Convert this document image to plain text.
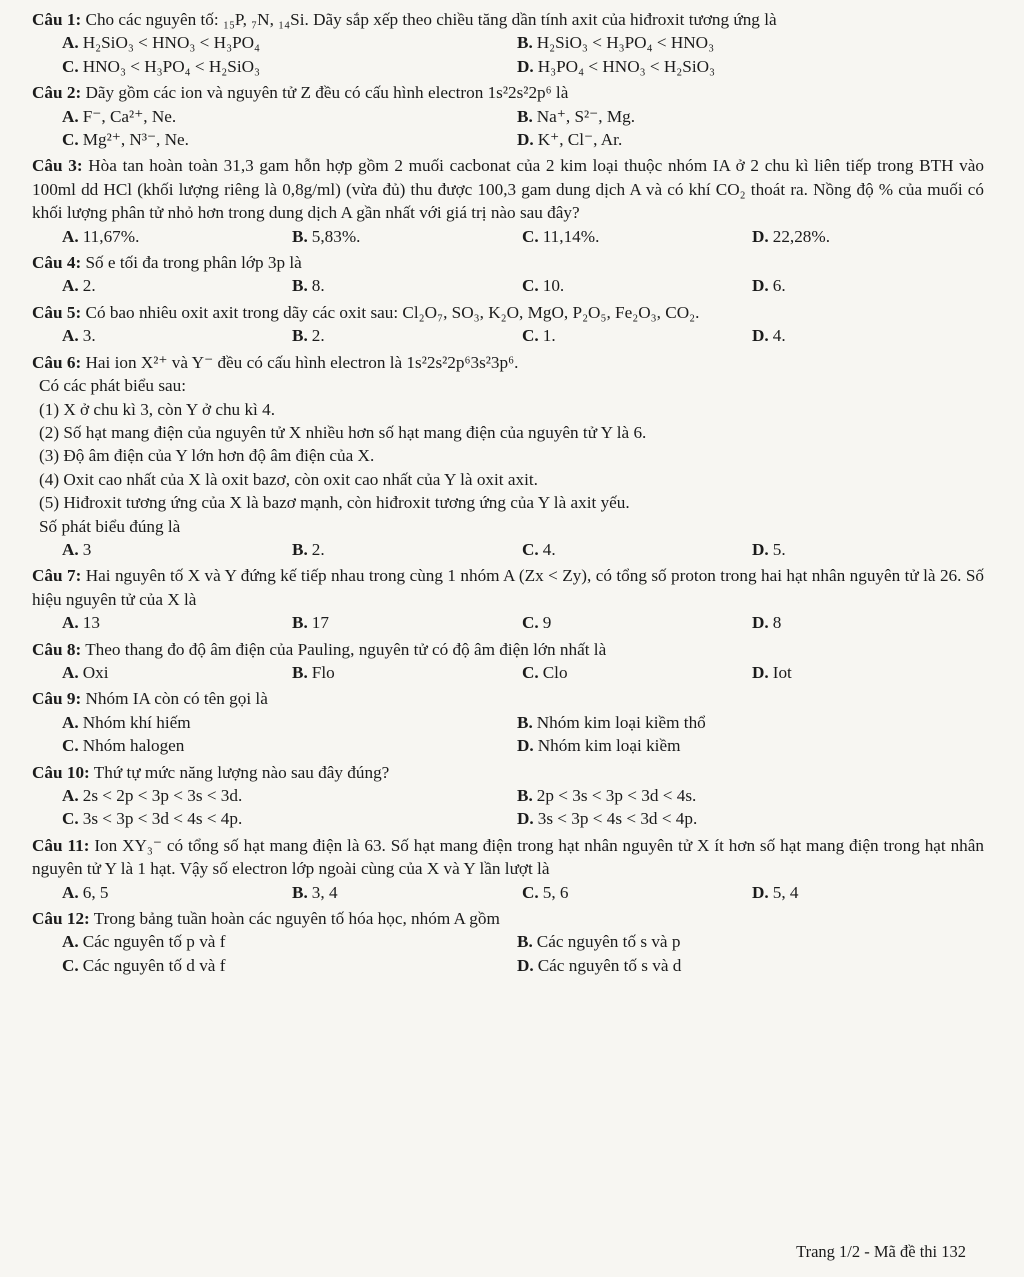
Câu 1: Cho các nguyên tố: ₁₅P, ₇N, ₁₄Si. Dãy sắp xếp theo chiều tăng dần tính axit của hiđroxit tương ứng là

A. H₂SiO₃ < HNO₃ < H₃PO₄	B. H₂SiO₃ < H₃PO₄ < HNO₃
C. HNO₃ < H₃PO₄ < H₂SiO₃	D. H₃PO₄ < HNO₃ < H₂SiO₃

Câu 2: Dãy gồm các ion và nguyên tử Z đều có cấu hình electron 1s²2s²2p⁶ là

A. F⁻, Ca²⁺, Ne.	B. Na⁺, S²⁻, Mg.
C. Mg²⁺, N³⁻, Ne.	D. K⁺, Cl⁻, Ar.

Câu 3: Hòa tan hoàn toàn 31,3 gam hỗn hợp gồm 2 muối cacbonat của 2 kim loại thuộc nhóm IA ở 2 chu kì liên tiếp trong BTH vào 100ml dd HCl (khối lượng riêng là 0,8g/ml) (vừa đủ) thu được 100,3 gam dung dịch A và có khí CO₂ thoát ra. Nồng độ % của muối có khối lượng phân tử nhỏ hơn trong dung dịch A gần nhất với giá trị nào sau đây?

A. 11,67%.	B. 5,83%.	C. 11,14%.	D. 22,28%.

Câu 4: Số e tối đa trong phân lớp 3p là

A. 2.	B. 8.	C. 10.	D. 6.

Câu 5: Có bao nhiêu oxit axit trong dãy các oxit sau: Cl₂O₇, SO₃, K₂O, MgO, P₂O₅, Fe₂O₃, CO₂.

A. 3.	B. 2.	C. 1.	D. 4.

Câu 6: Hai ion X²⁺ và Y⁻ đều có cấu hình electron là 1s²2s²2p⁶3s²3p⁶.

Có các phát biểu sau:
(1) X ở chu kì 3, còn Y ở chu kì 4.
(2) Số hạt mang điện của nguyên tử X nhiều hơn số hạt mang điện của nguyên tử Y là 6.
(3) Độ âm điện của Y lớn hơn độ âm điện của X.
(4) Oxit cao nhất của X là oxit bazơ, còn oxit cao nhất của Y là oxit axit.
(5) Hiđroxit tương ứng của X là bazơ mạnh, còn hiđroxit tương ứng của Y là axit yếu.
Số phát biểu đúng là
A. 3	B. 2.	C. 4.	D. 5.

Câu 7: Hai nguyên tố X và Y đứng kế tiếp nhau trong cùng 1 nhóm A (Zx < Zy), có tổng số proton trong hai hạt nhân nguyên tử là 26. Số hiệu nguyên tử của X là

A. 13	B. 17	C. 9	D. 8

Câu 8: Theo thang đo độ âm điện của Pauling, nguyên tử có độ âm điện lớn nhất là

A. Oxi	B. Flo	C. Clo	D. Iot

Câu 9: Nhóm IA còn có tên gọi là

A. Nhóm khí hiếm	B. Nhóm kim loại kiềm thổ
C. Nhóm halogen	D. Nhóm kim loại kiềm

Câu 10: Thứ tự mức năng lượng nào sau đây đúng?

A. 2s < 2p < 3p < 3s < 3d.	B. 2p < 3s < 3p < 3d < 4s.
C. 3s < 3p < 3d < 4s < 4p.	D. 3s < 3p < 4s < 3d < 4p.

Câu 11: Ion XY₃⁻ có tổng số hạt mang điện là 63. Số hạt mang điện trong hạt nhân nguyên tử X ít hơn số hạt mang điện trong hạt nhân nguyên tử Y là 1 hạt. Vậy số electron lớp ngoài cùng của X và Y lần lượt là

A. 6, 5	B. 3, 4	C. 5, 6	D. 5, 4

Câu 12: Trong bảng tuần hoàn các nguyên tố hóa học, nhóm A gồm

A. Các nguyên tố p và f	B. Các nguyên tố s và p
C. Các nguyên tố d và f	D. Các nguyên tố s và d
Trang 1/2 - Mã đề thi 132
